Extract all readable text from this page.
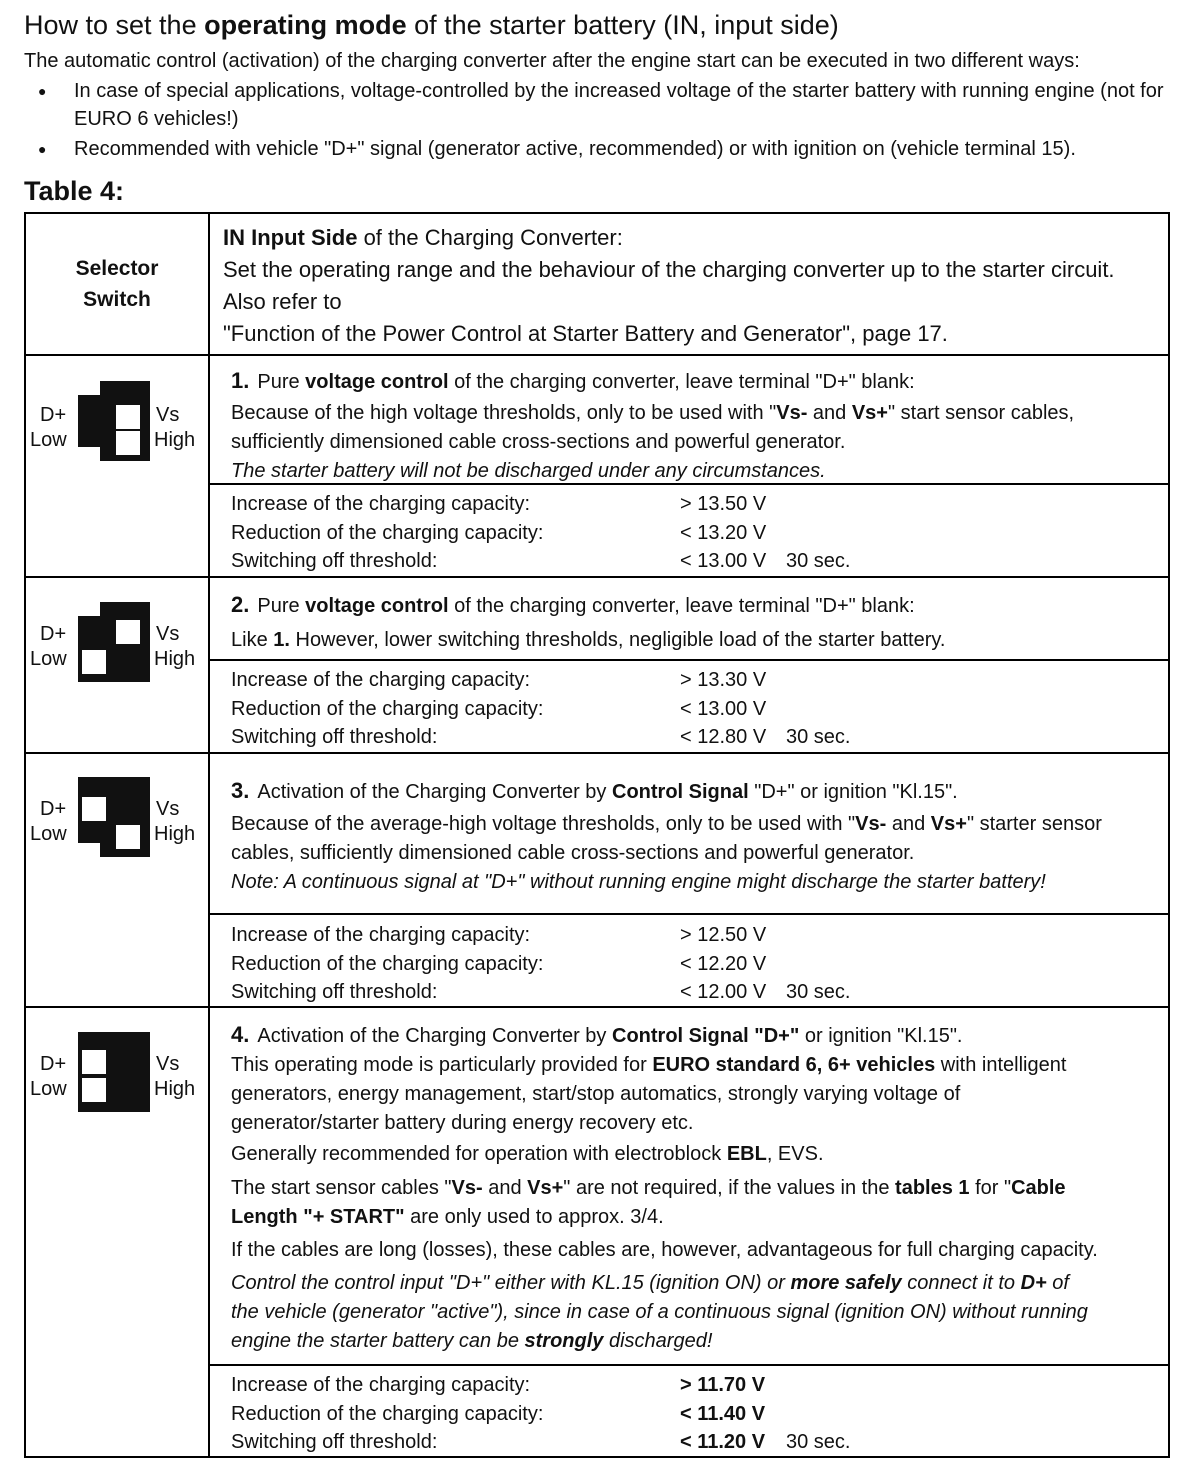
How to set the operating mode of the starter battery (IN, input side)
The automatic control (activation) of the charging converter after the engine start can be executed in two different ways:
● In case of special applications, voltage-controlled by the increased voltage of the starter battery with running engine (not for EURO 6 vehicles!)
● Recommended with vehicle "D+" signal (generator active, recommended) or with ignition on (vehicle terminal 15).
Table 4:
Selector
Switch
IN Input Side of the Charging Converter:
Set the operating range and the behaviour of the charging converter up to the starter circuit. Also refer to
"Function of the Power Control at Starter Battery and Generator", page 17.
D+
Low
Vs
High
1. Pure voltage control of the charging converter, leave terminal "D+" blank:
Because of the high voltage thresholds, only to be used with "Vs- and Vs+" start sensor cables,
sufficiently dimensioned cable cross-sections and powerful generator.
The starter battery will not be discharged under any circumstances.
Increase of the charging capacity:	> 13.50 V
Reduction of the charging capacity:	< 13.20 V
Switching off threshold:	< 13.00 V 30 sec.
D+
Low
Vs
High
2. Pure voltage control of the charging converter, leave terminal "D+" blank:
Like 1. However, lower switching thresholds, negligible load of the starter battery.
Increase of the charging capacity:	> 13.30 V
Reduction of the charging capacity:	< 13.00 V
Switching off threshold:	< 12.80 V 30 sec.
D+
Low
Vs
High
3. Activation of the Charging Converter by Control Signal "D+" or ignition "Kl.15".
Because of the average-high voltage thresholds, only to be used with "Vs- and Vs+" starter sensor
cables, sufficiently dimensioned cable cross-sections and powerful generator.
Note: A continuous signal at "D+" without running engine might discharge the starter battery!
Increase of the charging capacity:	> 12.50 V
Reduction of the charging capacity:	< 12.20 V
Switching off threshold:	< 12.00 V 30 sec.
D+
Low
Vs
High
4. Activation of the Charging Converter by Control Signal "D+" or ignition "Kl.15".
This operating mode is particularly provided for EURO standard 6, 6+ vehicles with intelligent
generators, energy management, start/stop automatics, strongly varying voltage of
generator/starter battery during energy recovery etc.
Generally recommended for operation with electroblock EBL, EVS.
The start sensor cables "Vs- and Vs+" are not required, if the values in the tables 1 for "Cable
Length "+ START" are only used to approx. 3/4.
If the cables are long (losses), these cables are, however, advantageous for full charging capacity.
Control the control input "D+" either with KL.15 (ignition ON) or more safely connect it to D+ of
the vehicle (generator "active"), since in case of a continuous signal (ignition ON) without running
engine the starter battery can be strongly discharged!
Increase of the charging capacity:	> 11.70 V
Reduction of the charging capacity:	< 11.40 V
Switching off threshold:	< 11.20 V 30 sec.
